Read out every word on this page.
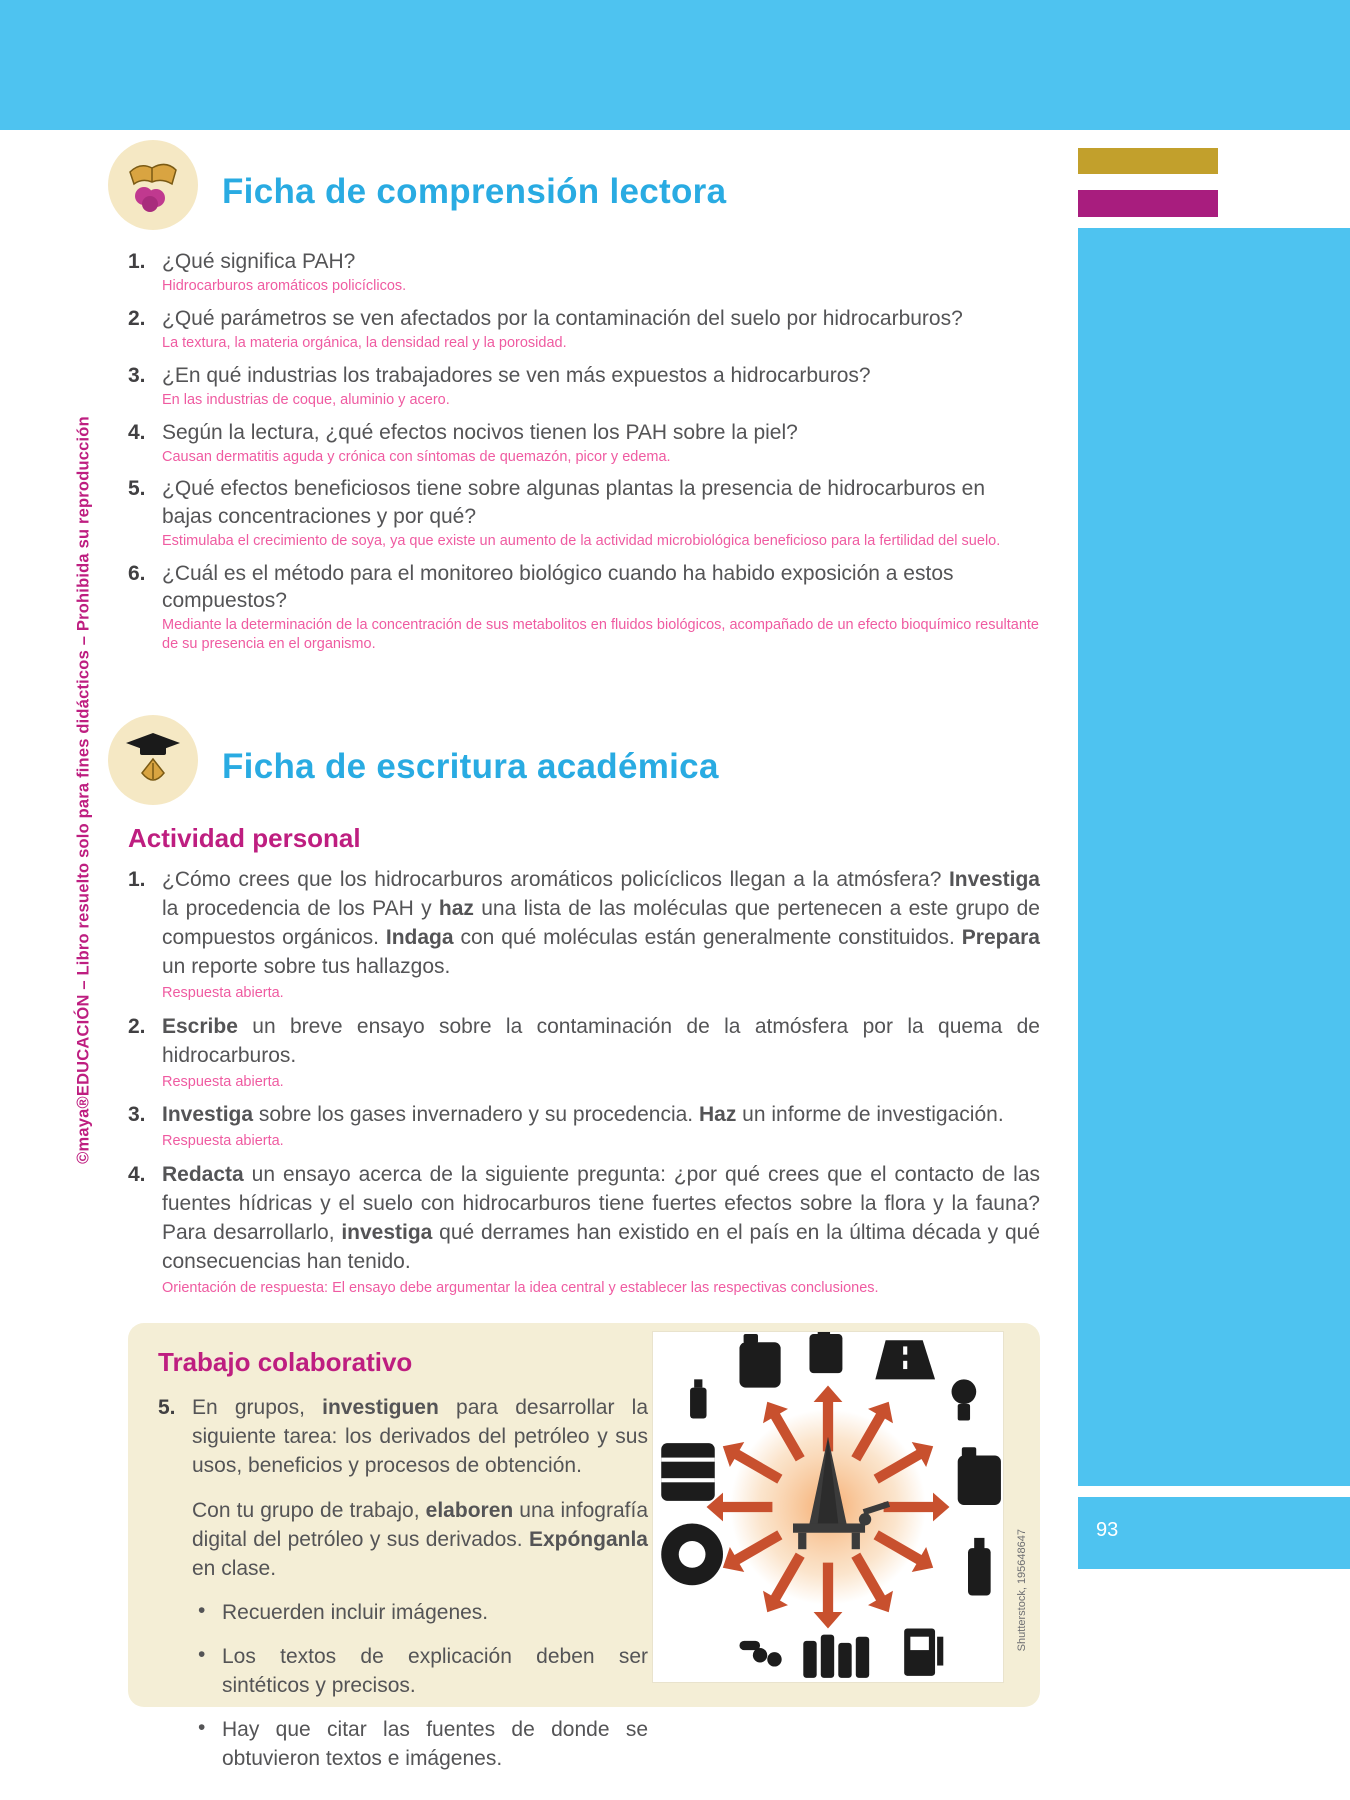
93
©maya®EDUCACIÓN – Libro resuelto solo para fines didácticos – Prohibida su reproducción
Ficha de comprensión lectora
1. ¿Qué significa PAH?

Hidrocarburos aromáticos policíclicos.

2. ¿Qué parámetros se ven afectados por la contaminación del suelo por hidrocarburos?

La textura, la materia orgánica, la densidad real y la porosidad.

3. ¿En qué industrias los trabajadores se ven más expuestos a hidrocarburos?

En las industrias de coque, aluminio y acero.

4. Según la lectura, ¿qué efectos nocivos tienen los PAH sobre la piel?

Causan dermatitis aguda y crónica con síntomas de quemazón, picor y edema.

5. ¿Qué efectos beneficiosos tiene sobre algunas plantas la presencia de hidrocarburos en bajas concentraciones y por qué?

Estimulaba el crecimiento de soya, ya que existe un aumento de la actividad microbiológica beneficioso para la fertilidad del suelo.

6. ¿Cuál es el método para el monitoreo biológico cuando ha habido exposición a estos compuestos?

Mediante la determinación de la concentración de sus metabolitos en fluidos biológicos, acompañado de un efecto bioquímico resultante de su presencia en el organismo.

Ficha de escritura académica
Actividad personal
1. ¿Cómo crees que los hidrocarburos aromáticos policíclicos llegan a la atmósfera? Investiga la procedencia de los PAH y haz una lista de las moléculas que pertenecen a este grupo de compuestos orgánicos. Indaga con qué moléculas están generalmente constituidos. Prepara un reporte sobre tus hallazgos.

Respuesta abierta.

2. Escribe un breve ensayo sobre la contaminación de la atmósfera por la quema de hidrocarburos.

Respuesta abierta.

3. Investiga sobre los gases invernadero y su procedencia. Haz un informe de investigación.

Respuesta abierta.

4. Redacta un ensayo acerca de la siguiente pregunta: ¿por qué crees que el contacto de las fuentes hídricas y el suelo con hidrocarburos tiene fuertes efectos sobre la flora y la fauna? Para desarrollarlo, investiga qué derrames han existido en el país en la última década y qué consecuencias han tenido.

Orientación de respuesta: El ensayo debe argumentar la idea central y establecer las respectivas conclusiones.

Trabajo colaborativo
5. En grupos, investiguen para desarrollar la siguiente tarea: los derivados del petróleo y sus usos, beneficios y procesos de obtención.

Con tu grupo de trabajo, elaboren una infografía digital del petróleo y sus derivados. Expónganla en clase.

• Recuerden incluir imágenes.

• Los textos de explicación deben ser sintéticos y precisos.

• Hay que citar las fuentes de donde se obtuvieron textos e imágenes.

Shutterstock, 195648647
